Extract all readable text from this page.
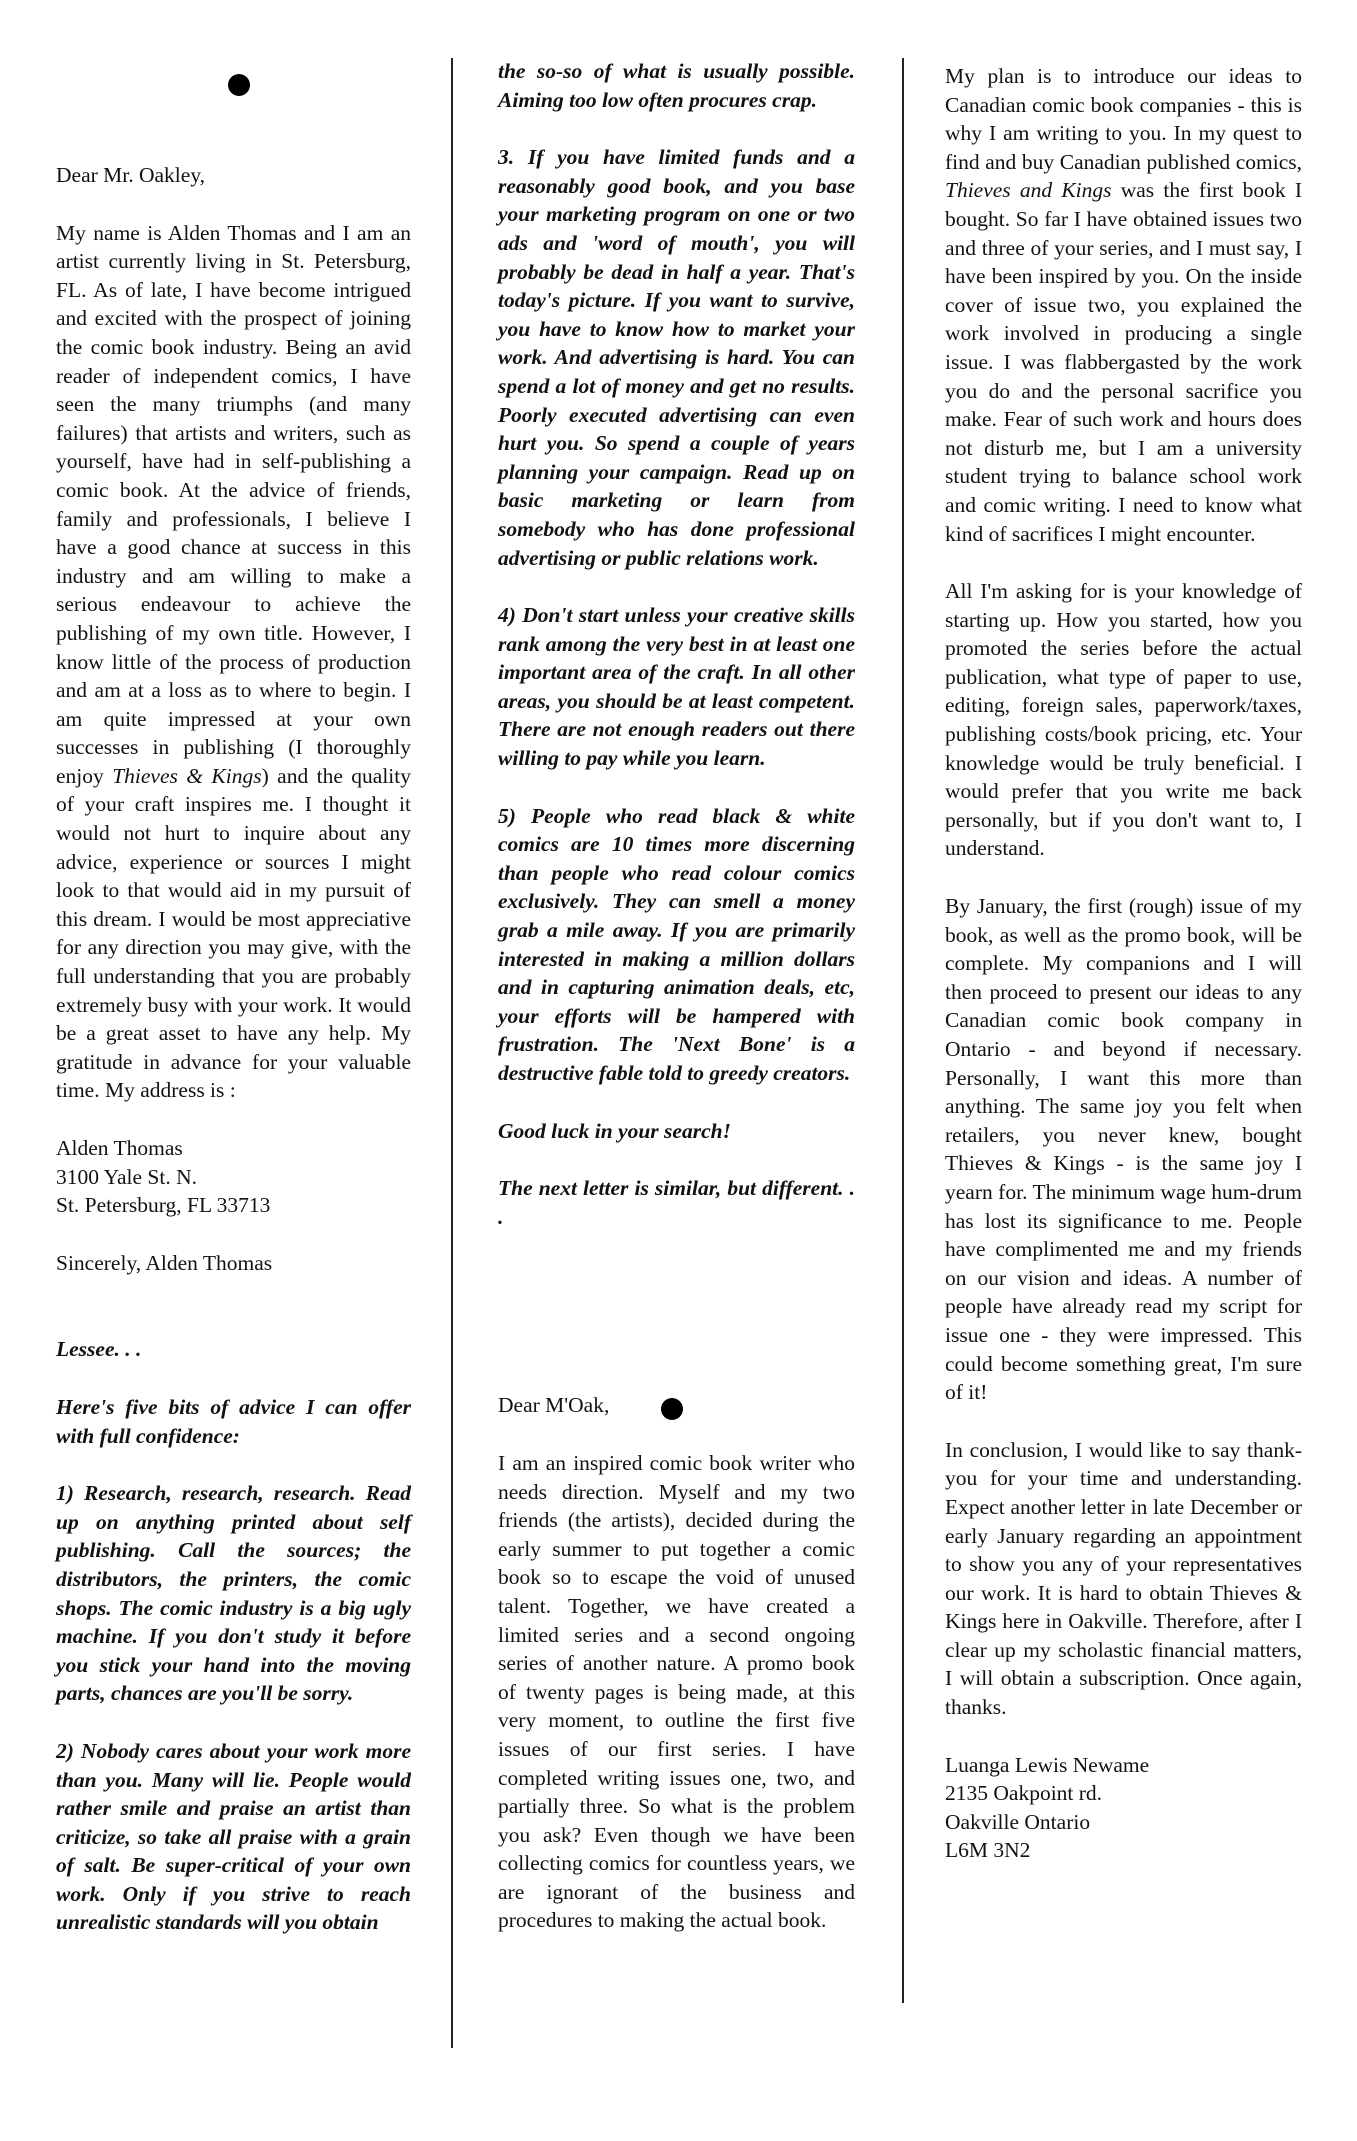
Dear Mr. Oakley,

My name is Alden Thomas and I am an artist currently living in St. Petersburg, FL. As of late, I have become intrigued and excited with the prospect of joining the comic book industry. Being an avid reader of independent comics, I have seen the many triumphs (and many failures) that artists and writers, such as yourself, have had in self-publishing a comic book. At the advice of friends, family and professionals, I believe I have a good chance at success in this industry and am willing to make a serious endeavour to achieve the publishing of my own title. However, I know little of the process of production and am at a loss as to where to begin. I am quite impressed at your own successes in publishing (I thoroughly enjoy Thieves & Kings) and the quality of your craft inspires me. I thought it would not hurt to inquire about any advice, experience or sources I might look to that would aid in my pursuit of this dream. I would be most appreciative for any direction you may give, with the full understanding that you are probably extremely busy with your work. It would be a great asset to have any help. My gratitude in advance for your valuable time. My address is :

Alden Thomas
3100 Yale St. N.
St. Petersburg, FL 33713

Sincerely, Alden Thomas

Lessee. . .

Here's five bits of advice I can offer with full confidence:

1) Research, research, research. Read up on anything printed about self publishing. Call the sources; the distributors, the printers, the comic shops. The comic industry is a big ugly machine. If you don't study it before you stick your hand into the moving parts, chances are you'll be sorry.

2) Nobody cares about your work more than you. Many will lie. People would rather smile and praise an artist than criticize, so take all praise with a grain of salt. Be super-critical of your own work. Only if you strive to reach unrealistic standards will you obtain

the so-so of what is usually possible. Aiming too low often procures crap.

3. If you have limited funds and a reasonably good book, and you base your marketing program on one or two ads and 'word of mouth', you will probably be dead in half a year. That's today's picture. If you want to survive, you have to know how to market your work. And advertising is hard. You can spend a lot of money and get no results. Poorly executed advertising can even hurt you. So spend a couple of years planning your campaign. Read up on basic marketing or learn from somebody who has done professional advertising or public relations work.

4) Don't start unless your creative skills rank among the very best in at least one important area of the craft. In all other areas, you should be at least competent. There are not enough readers out there willing to pay while you learn.

5) People who read black & white comics are 10 times more discerning than people who read colour comics exclusively. They can smell a money grab a mile away. If you are primarily interested in making a million dollars and in capturing animation deals, etc, your efforts will be hampered with frustration. The 'Next Bone' is a destructive fable told to greedy creators.

Good luck in your search!

The next letter is similar, but different. . .

Dear M'Oak,

I am an inspired comic book writer who needs direction. Myself and my two friends (the artists), decided during the early summer to put together a comic book so to escape the void of unused talent. Together, we have created a limited series and a second ongoing series of another nature. A promo book of twenty pages is being made, at this very moment, to outline the first five issues of our first series. I have completed writing issues one, two, and partially three. So what is the problem you ask? Even though we have been collecting comics for countless years, we are ignorant of the business and procedures to making the actual book.

My plan is to introduce our ideas to Canadian comic book companies - this is why I am writing to you. In my quest to find and buy Canadian published comics, Thieves and Kings was the first book I bought. So far I have obtained issues two and three of your series, and I must say, I have been inspired by you. On the inside cover of issue two, you explained the work involved in producing a single issue. I was flabbergasted by the work you do and the personal sacrifice you make. Fear of such work and hours does not disturb me, but I am a university student trying to balance school work and comic writing. I need to know what kind of sacrifices I might encounter.

All I'm asking for is your knowledge of starting up. How you started, how you promoted the series before the actual publication, what type of paper to use, editing, foreign sales, paperwork/taxes, publishing costs/book pricing, etc. Your knowledge would be truly beneficial. I would prefer that you write me back personally, but if you don't want to, I understand.

By January, the first (rough) issue of my book, as well as the promo book, will be complete. My companions and I will then proceed to present our ideas to any Canadian comic book company in Ontario - and beyond if necessary. Personally, I want this more than anything. The same joy you felt when retailers, you never knew, bought Thieves & Kings - is the same joy I yearn for. The minimum wage hum-drum has lost its significance to me. People have complimented me and my friends on our vision and ideas. A number of people have already read my script for issue one - they were impressed. This could become something great, I'm sure of it!

In conclusion, I would like to say thank-you for your time and understanding. Expect another letter in late December or early January regarding an appointment to show you any of your representatives our work. It is hard to obtain Thieves & Kings here in Oakville. Therefore, after I clear up my scholastic financial matters, I will obtain a subscription. Once again, thanks.

Luanga Lewis Newame
2135 Oakpoint rd.
Oakville Ontario
L6M 3N2
